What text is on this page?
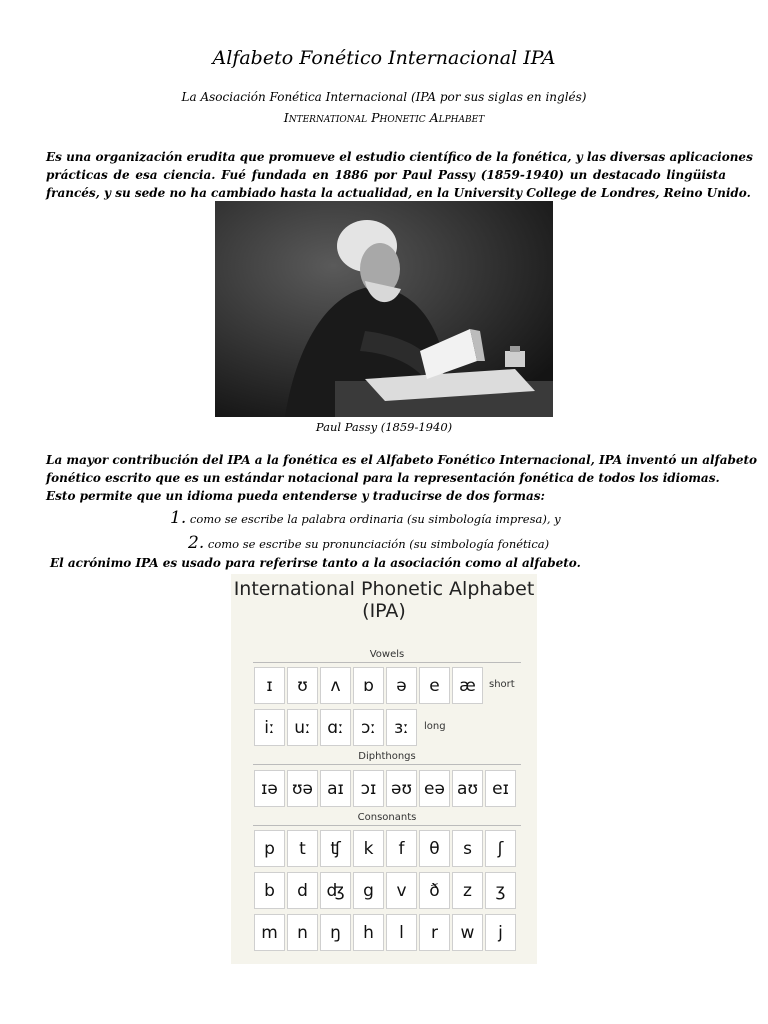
Alfabeto Fonético Internacional IPA
La Asociación Fonética Internacional (IPA por sus siglas en inglés)
International Phonetic Alphabet
Es una organización erudita que promueve el estudio científico de la fonética, y las diversas aplicaciones
prácticas de esa ciencia. Fué fundada en 1886 por Paul Passy (1859-1940) un destacado lingüista
francés, y su sede no ha cambiado hasta la actualidad, en la University College de Londres, Reino Unido.
Paul Passy (1859-1940)
La mayor contribución del IPA a la fonética es el Alfabeto Fonético Internacional, IPA inventó un alfabeto
fonético escrito que es un estándar notacional para la representación fonética de todos los idiomas.
Esto permite que un idioma pueda entenderse y traducirse de dos formas:
1. como se escribe la palabra ordinaria (su simbología impresa), y
2. como se escribe su pronunciación (su simbología fonética)
El acrónimo IPA es usado para referirse tanto a la asociación como al alfabeto.
International Phonetic Alphabet
(IPA)
Vowels
ɪ	ʊ	ʌ	ɒ	ə	e	æ	short
iː	uː ɑː	ɔː	ɜː	long
Diphthongs
ɪə ʊə aɪ ɔɪ əʊ eə aʊ eɪ
Consonants
p	t	ʧ	k	f	θ	s	ʃ
b	d	ʤ	g	v	ð	z	ʒ
m	n	ŋ	h	l	r	w	j
